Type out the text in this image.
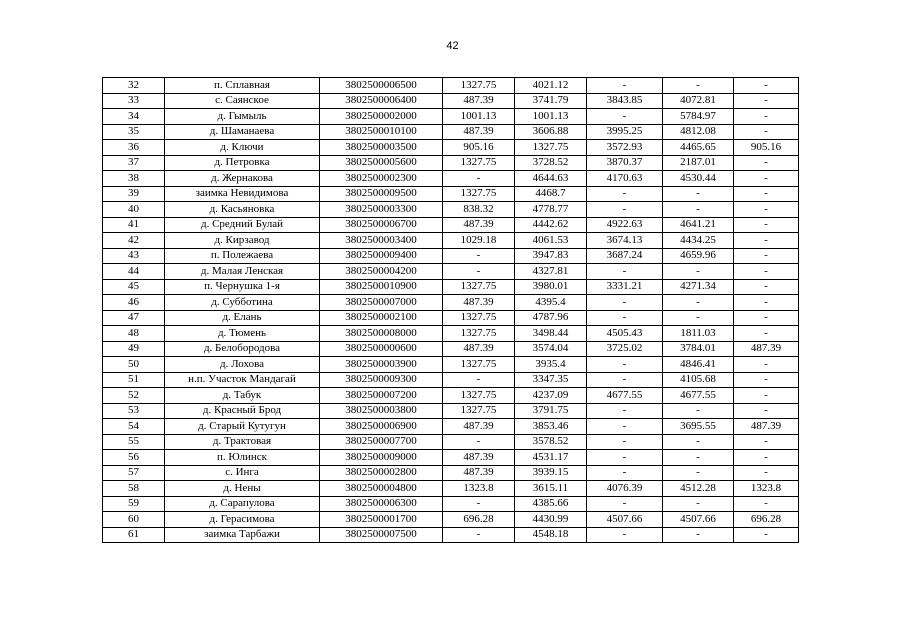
42
32	п. Сплавная	3802500006500	1327.75	4021.12	-	-	-
33	с. Саянское	3802500006400	487.39	3741.79	3843.85	4072.81	-
34	д. Гымыль	3802500002000	1001.13	1001.13	-	5784.97	-
35	д. Шаманаева	3802500010100	487.39	3606.88	3995.25	4812.08	-
36	д. Ключи	3802500003500	905.16	1327.75	3572.93	4465.65	905.16
37	д. Петровка	3802500005600	1327.75	3728.52	3870.37	2187.01	-
38	д. Жернакова	3802500002300	-	4644.63	4170.63	4530.44	-
39	заимка Невидимова	3802500009500	1327.75	4468.7	-	-	-
40	д. Касьяновка	3802500003300	838.32	4778.77	-	-	-
41	д. Средний Булай	3802500006700	487.39	4442.62	4922.63	4641.21	-
42	д. Кирзавод	3802500003400	1029.18	4061.53	3674.13	4434.25	-
43	п. Полежаева	3802500009400	-	3947.83	3687.24	4659.96	-
44	д. Малая Ленская	3802500004200	-	4327.81	-	-	-
45	п. Чернушка 1-я	3802500010900	1327.75	3980.01	3331.21	4271.34	-
46	д. Субботина	3802500007000	487.39	4395.4	-	-	-
47	д. Елань	3802500002100	1327.75	4787.96	-	-	-
48	д. Тюмень	3802500008000	1327.75	3498.44	4505.43	1811.03	-
49	д. Белобородова	3802500000600	487.39	3574.04	3725.02	3784.01	487.39
50	д. Лохова	3802500003900	1327.75	3935.4	-	4846.41	-
51	н.п. Участок Мандагай	3802500009300	-	3347.35	-	4105.68	-
52	д. Табук	3802500007200	1327.75	4237.09	4677.55	4677.55	-
53	д. Красный Брод	3802500003800	1327.75	3791.75	-	-	-
54	д. Старый Кутугун	3802500006900	487.39	3853.46	-	3695.55	487.39
55	д. Трактовая	3802500007700	-	3578.52	-	-	-
56	п. Юлинск	3802500009000	487.39	4531.17	-	-	-
57	с. Инга	3802500002800	487.39	3939.15	-	-	-
58	д. Нены	3802500004800	1323.8	3615.11	4076.39	4512.28	1323.8
59	д. Сарапулова	3802500006300	-	4385.66	-	-	-
60	д. Герасимова	3802500001700	696.28	4430.99	4507.66	4507.66	696.28
61	заимка Тарбажи	3802500007500	-	4548.18	-	-	-
